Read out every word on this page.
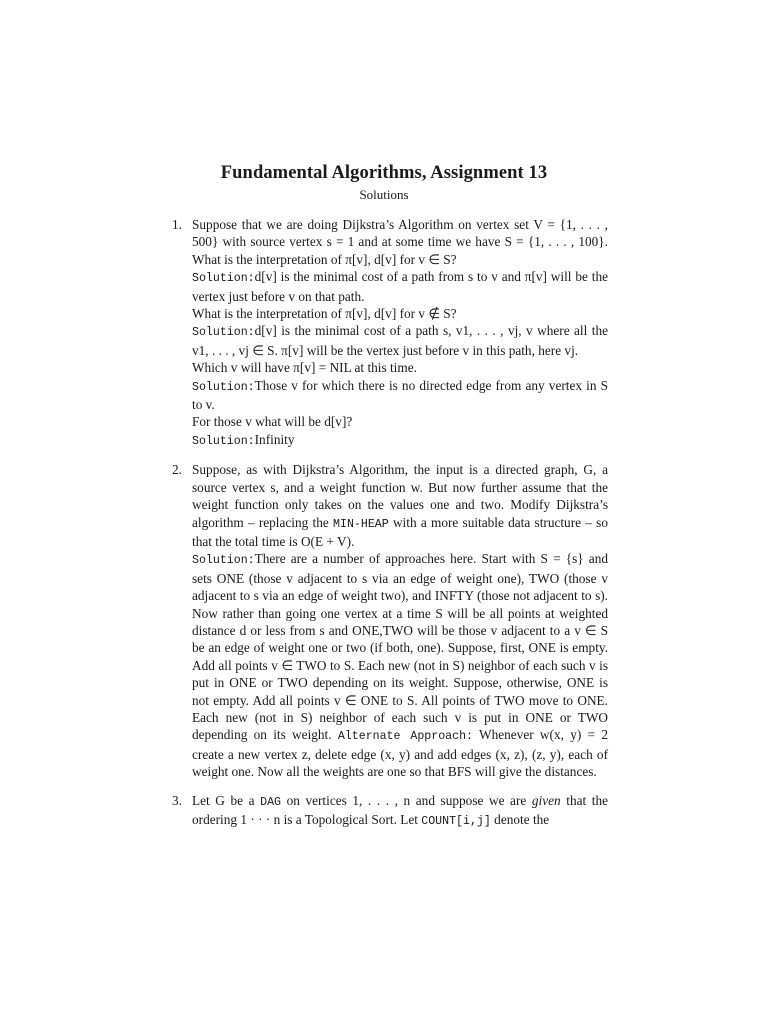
Fundamental Algorithms, Assignment 13
Solutions
1. Suppose that we are doing Dijkstra’s Algorithm on vertex set V = {1, . . . , 500} with source vertex s = 1 and at some time we have S = {1, . . . , 100}. What is the interpretation of π[v], d[v] for v ∈ S?

Solution:d[v] is the minimal cost of a path from s to v and π[v] will be the vertex just before v on that path.

What is the interpretation of π[v], d[v] for v ∉ S?

Solution:d[v] is the minimal cost of a path s, v1, . . . , vj, v where all the v1, . . . , vj ∈ S. π[v] will be the vertex just before v in this path, here vj.

Which v will have π[v] = NIL at this time.

Solution:Those v for which there is no directed edge from any vertex in S to v.

For those v what will be d[v]?

Solution:Infinity

2. Suppose, as with Dijkstra’s Algorithm, the input is a directed graph, G, a source vertex s, and a weight function w. But now further assume that the weight function only takes on the values one and two. Modify Dijkstra’s algorithm – replacing the MIN-HEAP with a more suitable data structure – so that the total time is O(E + V).

Solution:There are a number of approaches here. Start with S = {s} and sets ONE (those v adjacent to s via an edge of weight one), TWO (those v adjacent to s via an edge of weight two), and INFTY (those not adjacent to s). Now rather than going one vertex at a time S will be all points at weighted distance d or less from s and ONE,TWO will be those v adjacent to a v ∈ S be an edge of weight one or two (if both, one). Suppose, first, ONE is empty. Add all points v ∈ TWO to S. Each new (not in S) neighbor of each such v is put in ONE or TWO depending on its weight. Suppose, otherwise, ONE is not empty. Add all points v ∈ ONE to S. All points of TWO move to ONE. Each new (not in S) neighbor of each such v is put in ONE or TWO depending on its weight. Alternate Approach: Whenever w(x, y) = 2 create a new vertex z, delete edge (x, y) and add edges (x, z), (z, y), each of weight one. Now all the weights are one so that BFS will give the distances.

3. Let G be a DAG on vertices 1, . . . , n and suppose we are given that the ordering 1 · · · n is a Topological Sort. Let COUNT[i,j] denote the
